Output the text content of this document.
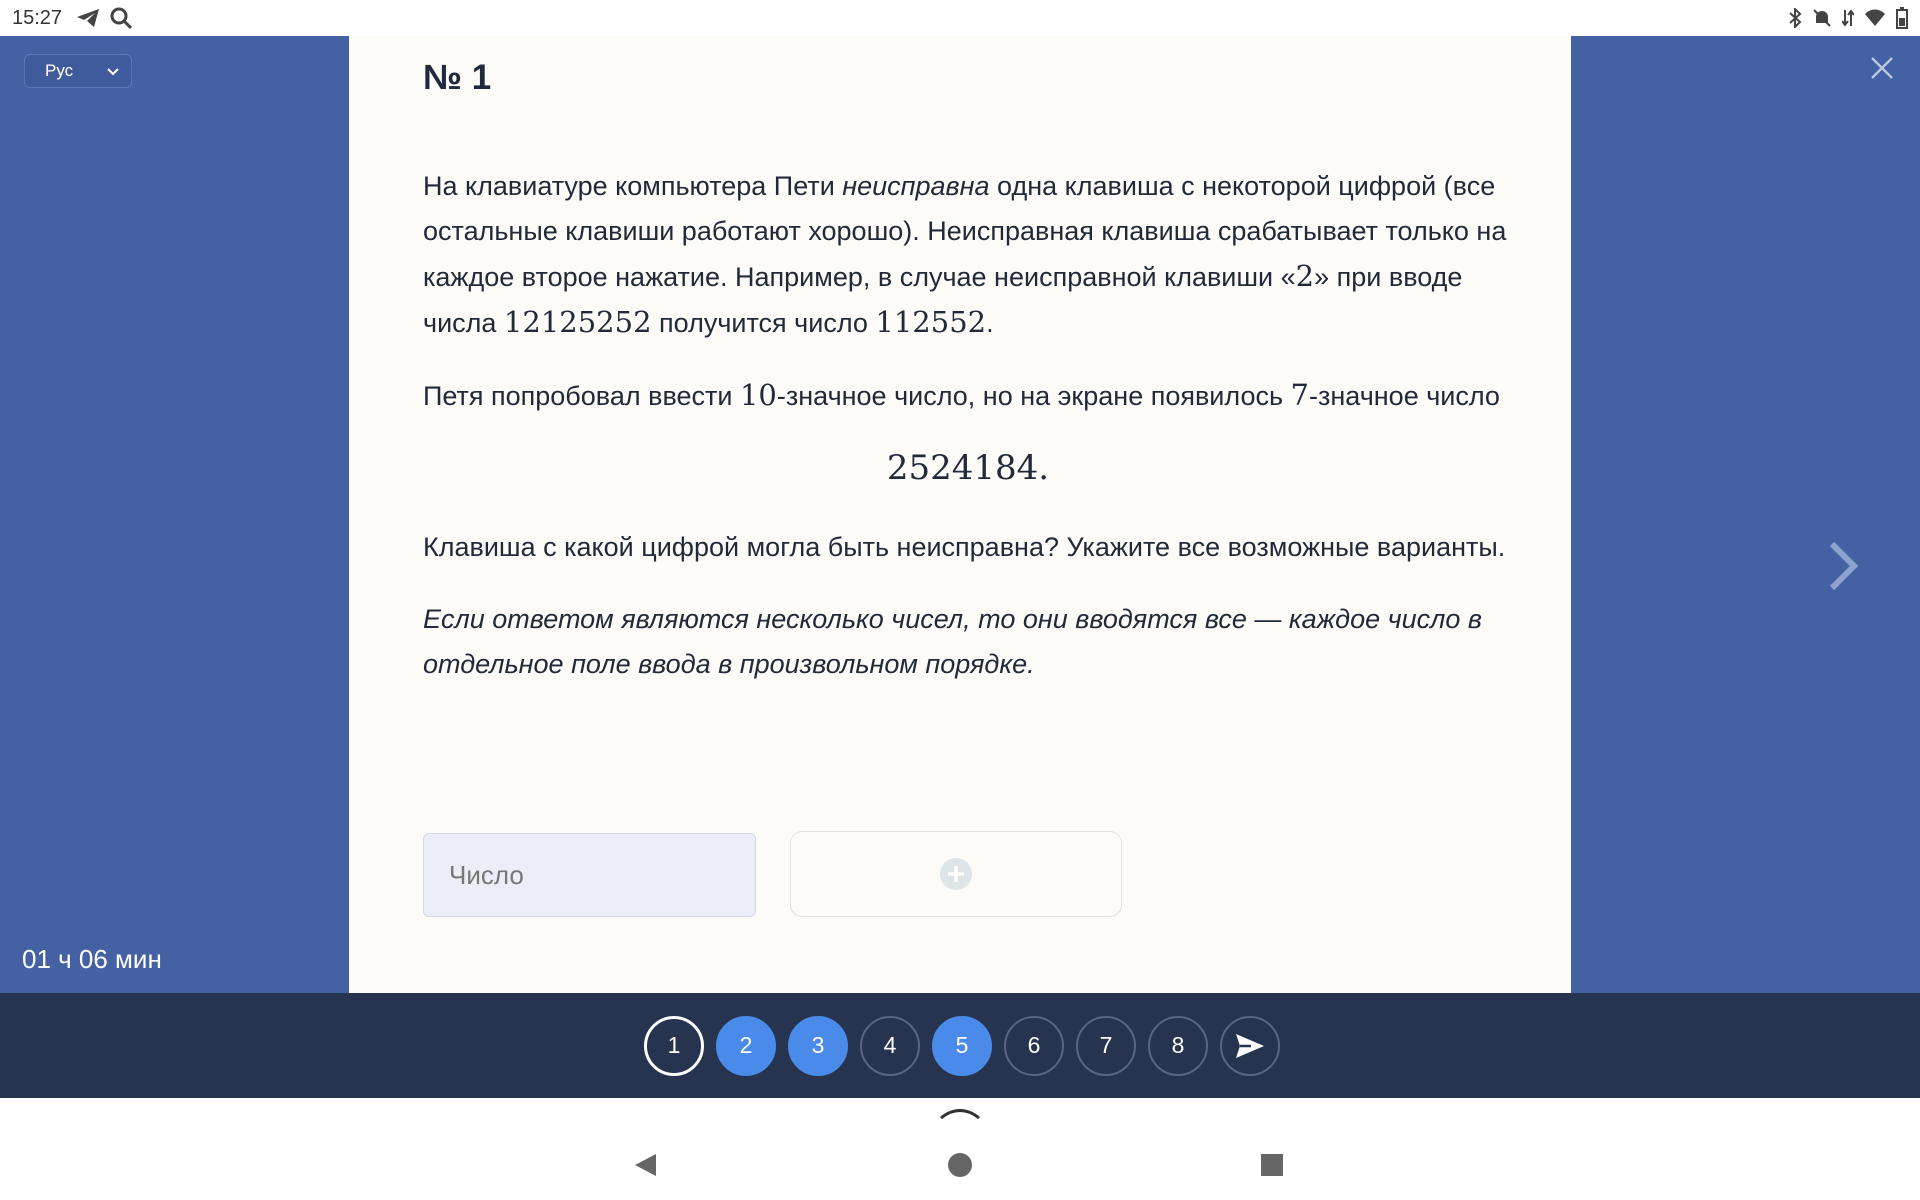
15:27
Рус
01 ч 06 мин
№ 1

На клавиатуре компьютера Пети неисправна одна клавиша с некоторой цифрой (все остальные клавиши работают хорошо). Неисправная клавиша срабатывает только на каждое второе нажатие. Например, в случае неисправной клавиши «2» при вводе числа 12125252 получится число 112552.

Петя попробовал ввести 10-значное число, но на экране появилось 7-значное число

2524184.

Клавиша с какой цифрой могла быть неисправна? Укажите все возможные варианты.

Если ответом являются несколько чисел, то они вводятся все — каждое число в отдельное поле ввода в произвольном порядке.

Число
1	2	3	4	5	6	7	8
